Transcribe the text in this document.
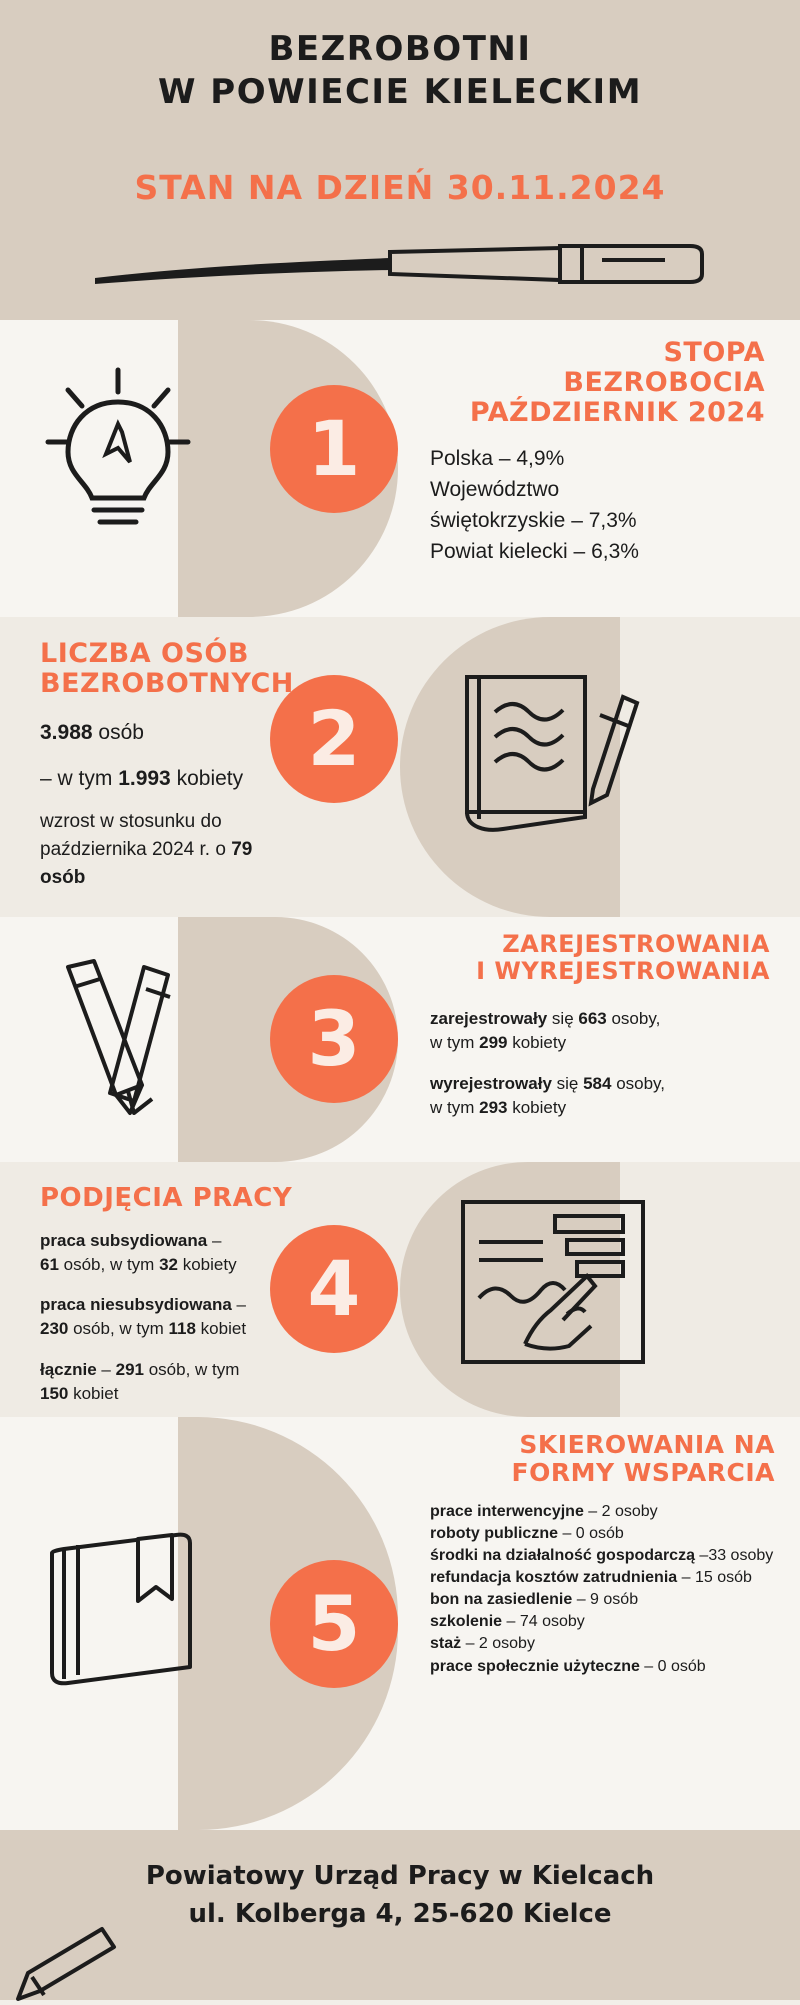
BEZROBOTNI
W POWIECIE KIELECKIM
STAN NA DZIEŃ 30.11.2024
STOPA
BEZROBOCIA
PAŹDZIERNIK 2024
Polska – 4,9%
Województwo
świętokrzyskie – 7,3%
Powiat kielecki – 6,3%
1
LICZBA OSÓB
BEZROBOTNYCH
3.988 osób
– w tym 1.993 kobiety
wzrost w stosunku do
października 2024 r. o 79
osób
2
ZAREJESTROWANIA
I WYREJESTROWANIA
zarejestrowały się 663 osoby,
w tym 299 kobiety
wyrejestrowały się 584 osoby,
w tym 293 kobiety
3
PODJĘCIA PRACY
praca subsydiowana –
61 osób, w tym 32 kobiety
praca niesubsydiowana –
230 osób, w tym 118 kobiet
łącznie – 291 osób, w tym
150 kobiet
4
SKIEROWANIA NA
FORMY WSPARCIA
prace interwencyjne – 2 osoby
roboty publiczne – 0 osób
środki na działalność gospodarczą –33 osoby
refundacja kosztów zatrudnienia – 15 osób
bon na zasiedlenie – 9 osób
szkolenie – 74 osoby
staż – 2 osoby
prace społecznie użyteczne – 0 osób
5
Powiatowy Urząd Pracy w Kielcach
ul. Kolberga 4, 25-620 Kielce
